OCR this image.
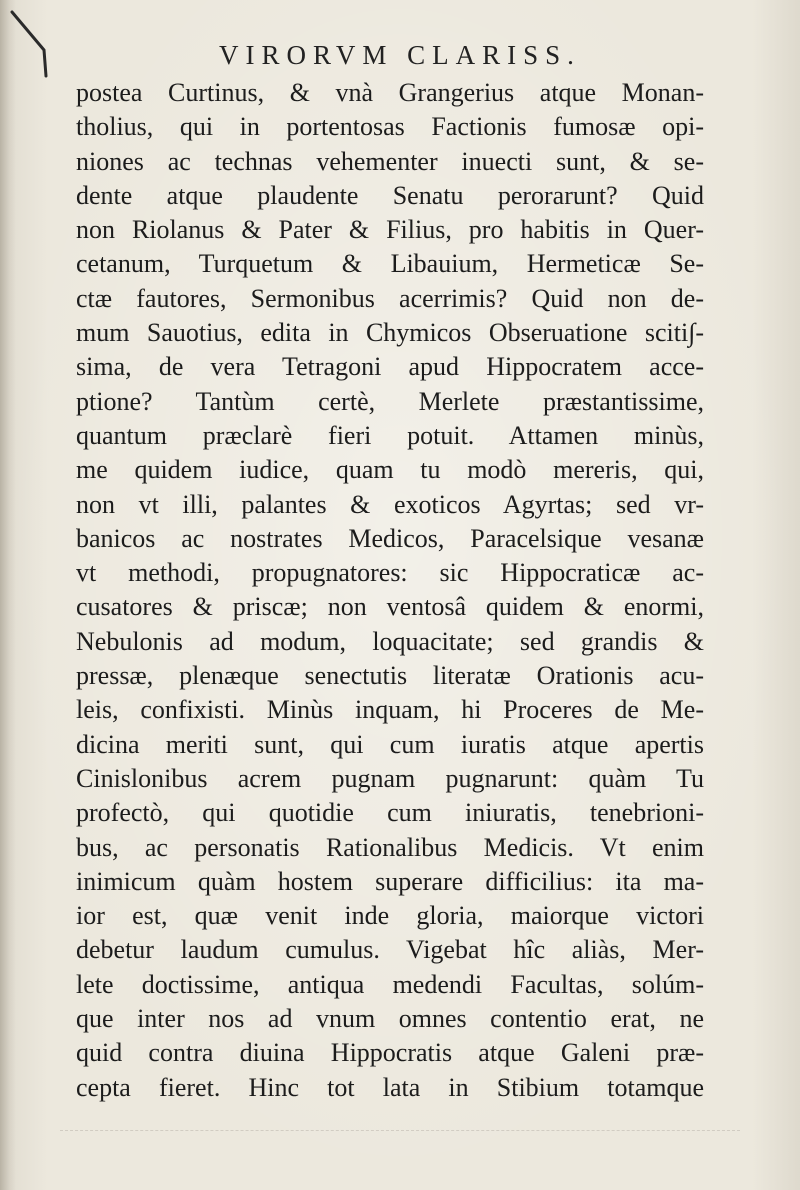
VIRORVM CLARISS.
postea Curtinus, & vnà Grangerius atque Monan-
tholius, qui in portentosas Factionis fumosæ opi-
niones ac technas vehementer inuecti sunt, & se-
dente atque plaudente Senatu perorarunt? Quid
non Riolanus & Pater & Filius, pro habitis in Quer-
cetanum, Turquetum & Libauium, Hermeticæ Se-
ctæ fautores, Sermonibus acerrimis? Quid non de-
mum Sauotius, edita in Chymicos Obseruatione sciti∫-
sima, de vera Tetragoni apud Hippocratem acce-
ptione? Tantùm certè, Merlete præstantissime,
quantum præclarè fieri potuit. Attamen minùs,
me quidem iudice, quam tu modò mereris, qui,
non vt illi, palantes & exoticos Agyrtas; sed vr-
banicos ac nostrates Medicos, Paracelsique vesanæ
vt methodi, propugnatores: sic Hippocraticæ ac-
cusatores & priscæ; non ventosâ quidem & enormi,
Nebulonis ad modum, loquacitate; sed grandis &
pressæ, plenæque senectutis literatæ Orationis acu-
leis, confixisti. Minùs inquam, hi Proceres de Me-
dicina meriti sunt, qui cum iuratis atque apertis
Cinislonibus acrem pugnam pugnarunt: quàm Tu
profectò, qui quotidie cum iniuratis, tenebrioni-
bus, ac personatis Rationalibus Medicis. Vt enim
inimicum quàm hostem superare difficilius: ita ma-
ior est, quæ venit inde gloria, maiorque victori
debetur laudum cumulus. Vigebat hîc aliàs, Mer-
lete doctissime, antiqua medendi Facultas, solúm-
que inter nos ad vnum omnes contentio erat, ne
quid contra diuina Hippocratis atque Galeni præ-
cepta fieret. Hinc tot lata in Stibium totamque
